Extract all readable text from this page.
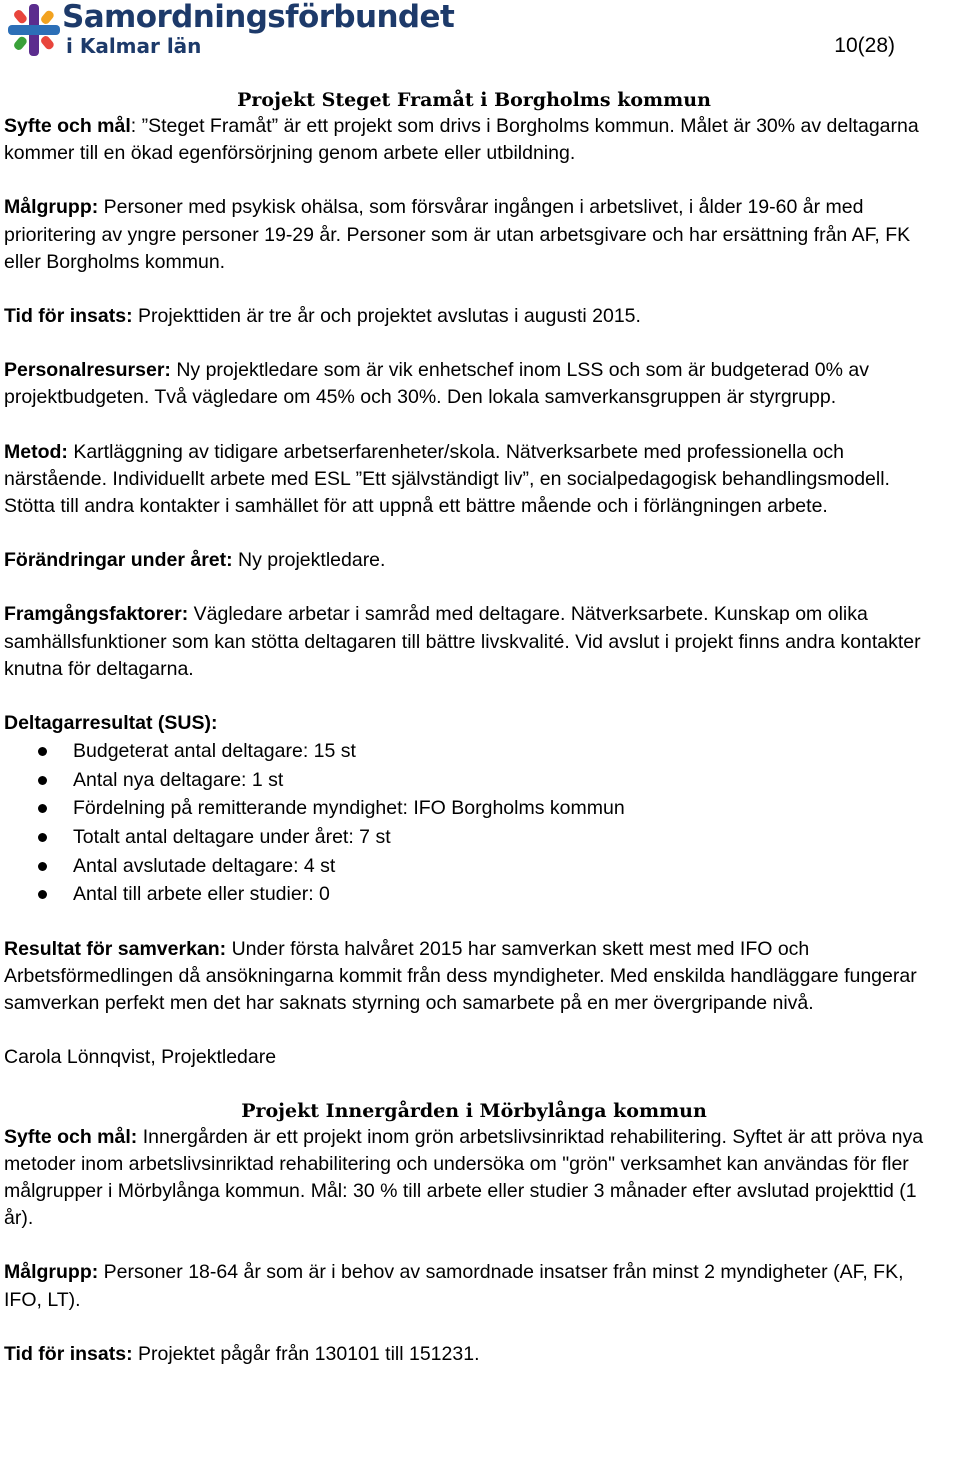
Samordningsförbundet
i Kalmar län	10(28)
Projekt Steget Framåt i Borgholms kommun

Syfte och mål: ”Steget Framåt” är ett projekt som drivs i Borgholms kommun. Målet är 30% av deltagarna kommer till en ökad egenförsörjning genom arbete eller utbildning.

Målgrupp: Personer med psykisk ohälsa, som försvårar ingången i arbetslivet, i ålder 19-60 år med prioritering av yngre personer 19-29 år. Personer som är utan arbetsgivare och har ersättning från AF, FK eller Borgholms kommun.

Tid för insats: Projekttiden är tre år och projektet avslutas i augusti 2015.

Personalresurser: Ny projektledare som är vik enhetschef inom LSS och som är budgeterad 0% av projektbudgeten. Två vägledare om 45% och 30%. Den lokala samverkansgruppen är styrgrupp.

Metod: Kartläggning av tidigare arbetserfarenheter/skola. Nätverksarbete med professionella och närstående. Individuellt arbete med ESL ”Ett självständigt liv”, en socialpedagogisk behandlingsmodell. Stötta till andra kontakter i samhället för att uppnå ett bättre mående och i förlängningen arbete.

Förändringar under året: Ny projektledare.

Framgångsfaktorer: Vägledare arbetar i samråd med deltagare. Nätverksarbete. Kunskap om olika samhällsfunktioner som kan stötta deltagaren till bättre livskvalité. Vid avslut i projekt finns andra kontakter knutna för deltagarna.

Deltagarresultat (SUS):
Budgeterat antal deltagare: 15 st
Antal nya deltagare: 1 st
Fördelning på remitterande myndighet: IFO Borgholms kommun
Totalt antal deltagare under året: 7 st
Antal avslutade deltagare: 4 st
Antal till arbete eller studier: 0

Resultat för samverkan: Under första halvåret 2015 har samverkan skett mest med IFO och Arbetsförmedlingen då ansökningarna kommit från dess myndigheter. Med enskilda handläggare fungerar samverkan perfekt men det har saknats styrning och samarbete på en mer övergripande nivå.

Carola Lönnqvist, Projektledare

Projekt Innergården i Mörbylånga kommun

Syfte och mål: Innergården är ett projekt inom grön arbetslivsinriktad rehabilitering. Syftet är att pröva nya metoder inom arbetslivsinriktad rehabilitering och undersöka om "grön" verksamhet kan användas för fler målgrupper i Mörbylånga kommun. Mål: 30 % till arbete eller studier 3 månader efter avslutad projekttid (1 år).

Målgrupp: Personer 18-64 år som är i behov av samordnade insatser från minst 2 myndigheter (AF, FK, IFO, LT).

Tid för insats: Projektet pågår från 130101 till 151231.
